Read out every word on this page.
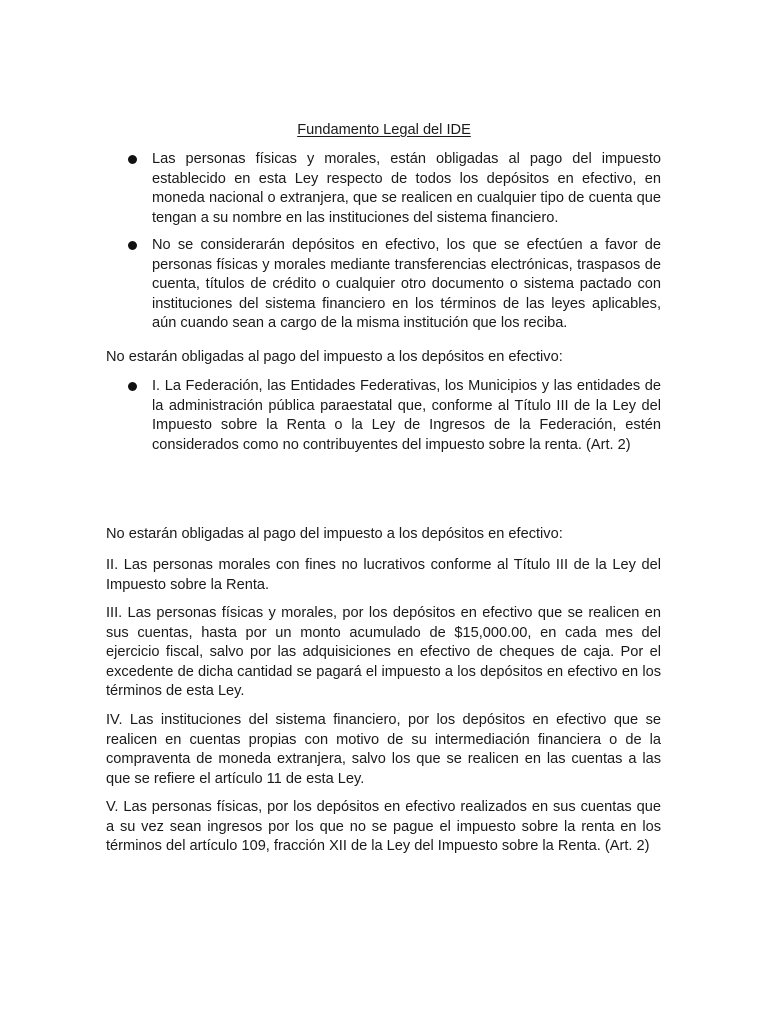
Fundamento Legal del IDE
Las personas físicas y morales, están obligadas al pago del impuesto establecido en esta Ley respecto de todos los depósitos en efectivo, en moneda nacional o extranjera, que se realicen en cualquier tipo de cuenta que tengan a su nombre en las instituciones del sistema financiero.
No se considerarán depósitos en efectivo, los que se efectúen a favor de personas físicas y morales mediante transferencias electrónicas, traspasos de cuenta, títulos de crédito o cualquier otro documento o sistema pactado con instituciones del sistema financiero en los términos de las leyes aplicables, aún cuando sean a cargo de la misma institución que los reciba.

No estarán obligadas al pago del impuesto a los depósitos en efectivo:

I. La Federación, las Entidades Federativas, los Municipios y las entidades de la administración pública paraestatal que, conforme al Título III de la Ley del Impuesto sobre la Renta o la Ley de Ingresos de la Federación, estén considerados como no contribuyentes del impuesto sobre la renta. (Art. 2)

No estarán obligadas al pago del impuesto a los depósitos en efectivo:

II. Las personas morales con fines no lucrativos conforme al Título III de la Ley del Impuesto sobre la Renta.

III. Las personas físicas y morales, por los depósitos en efectivo que se realicen en sus cuentas, hasta por un monto acumulado de $15,000.00, en cada mes del ejercicio fiscal, salvo por las adquisiciones en efectivo de cheques de caja. Por el excedente de dicha cantidad se pagará el impuesto a los depósitos en efectivo en los términos de esta Ley.

IV. Las instituciones del sistema financiero, por los depósitos en efectivo que se realicen en cuentas propias con motivo de su intermediación financiera o de la compraventa de moneda extranjera, salvo los que se realicen en las cuentas a las que se refiere el artículo 11 de esta Ley.

V. Las personas físicas, por los depósitos en efectivo realizados en sus cuentas que a su vez sean ingresos por los que no se pague el impuesto sobre la renta en los términos del artículo 109, fracción XII de la Ley del Impuesto sobre la Renta. (Art. 2)
